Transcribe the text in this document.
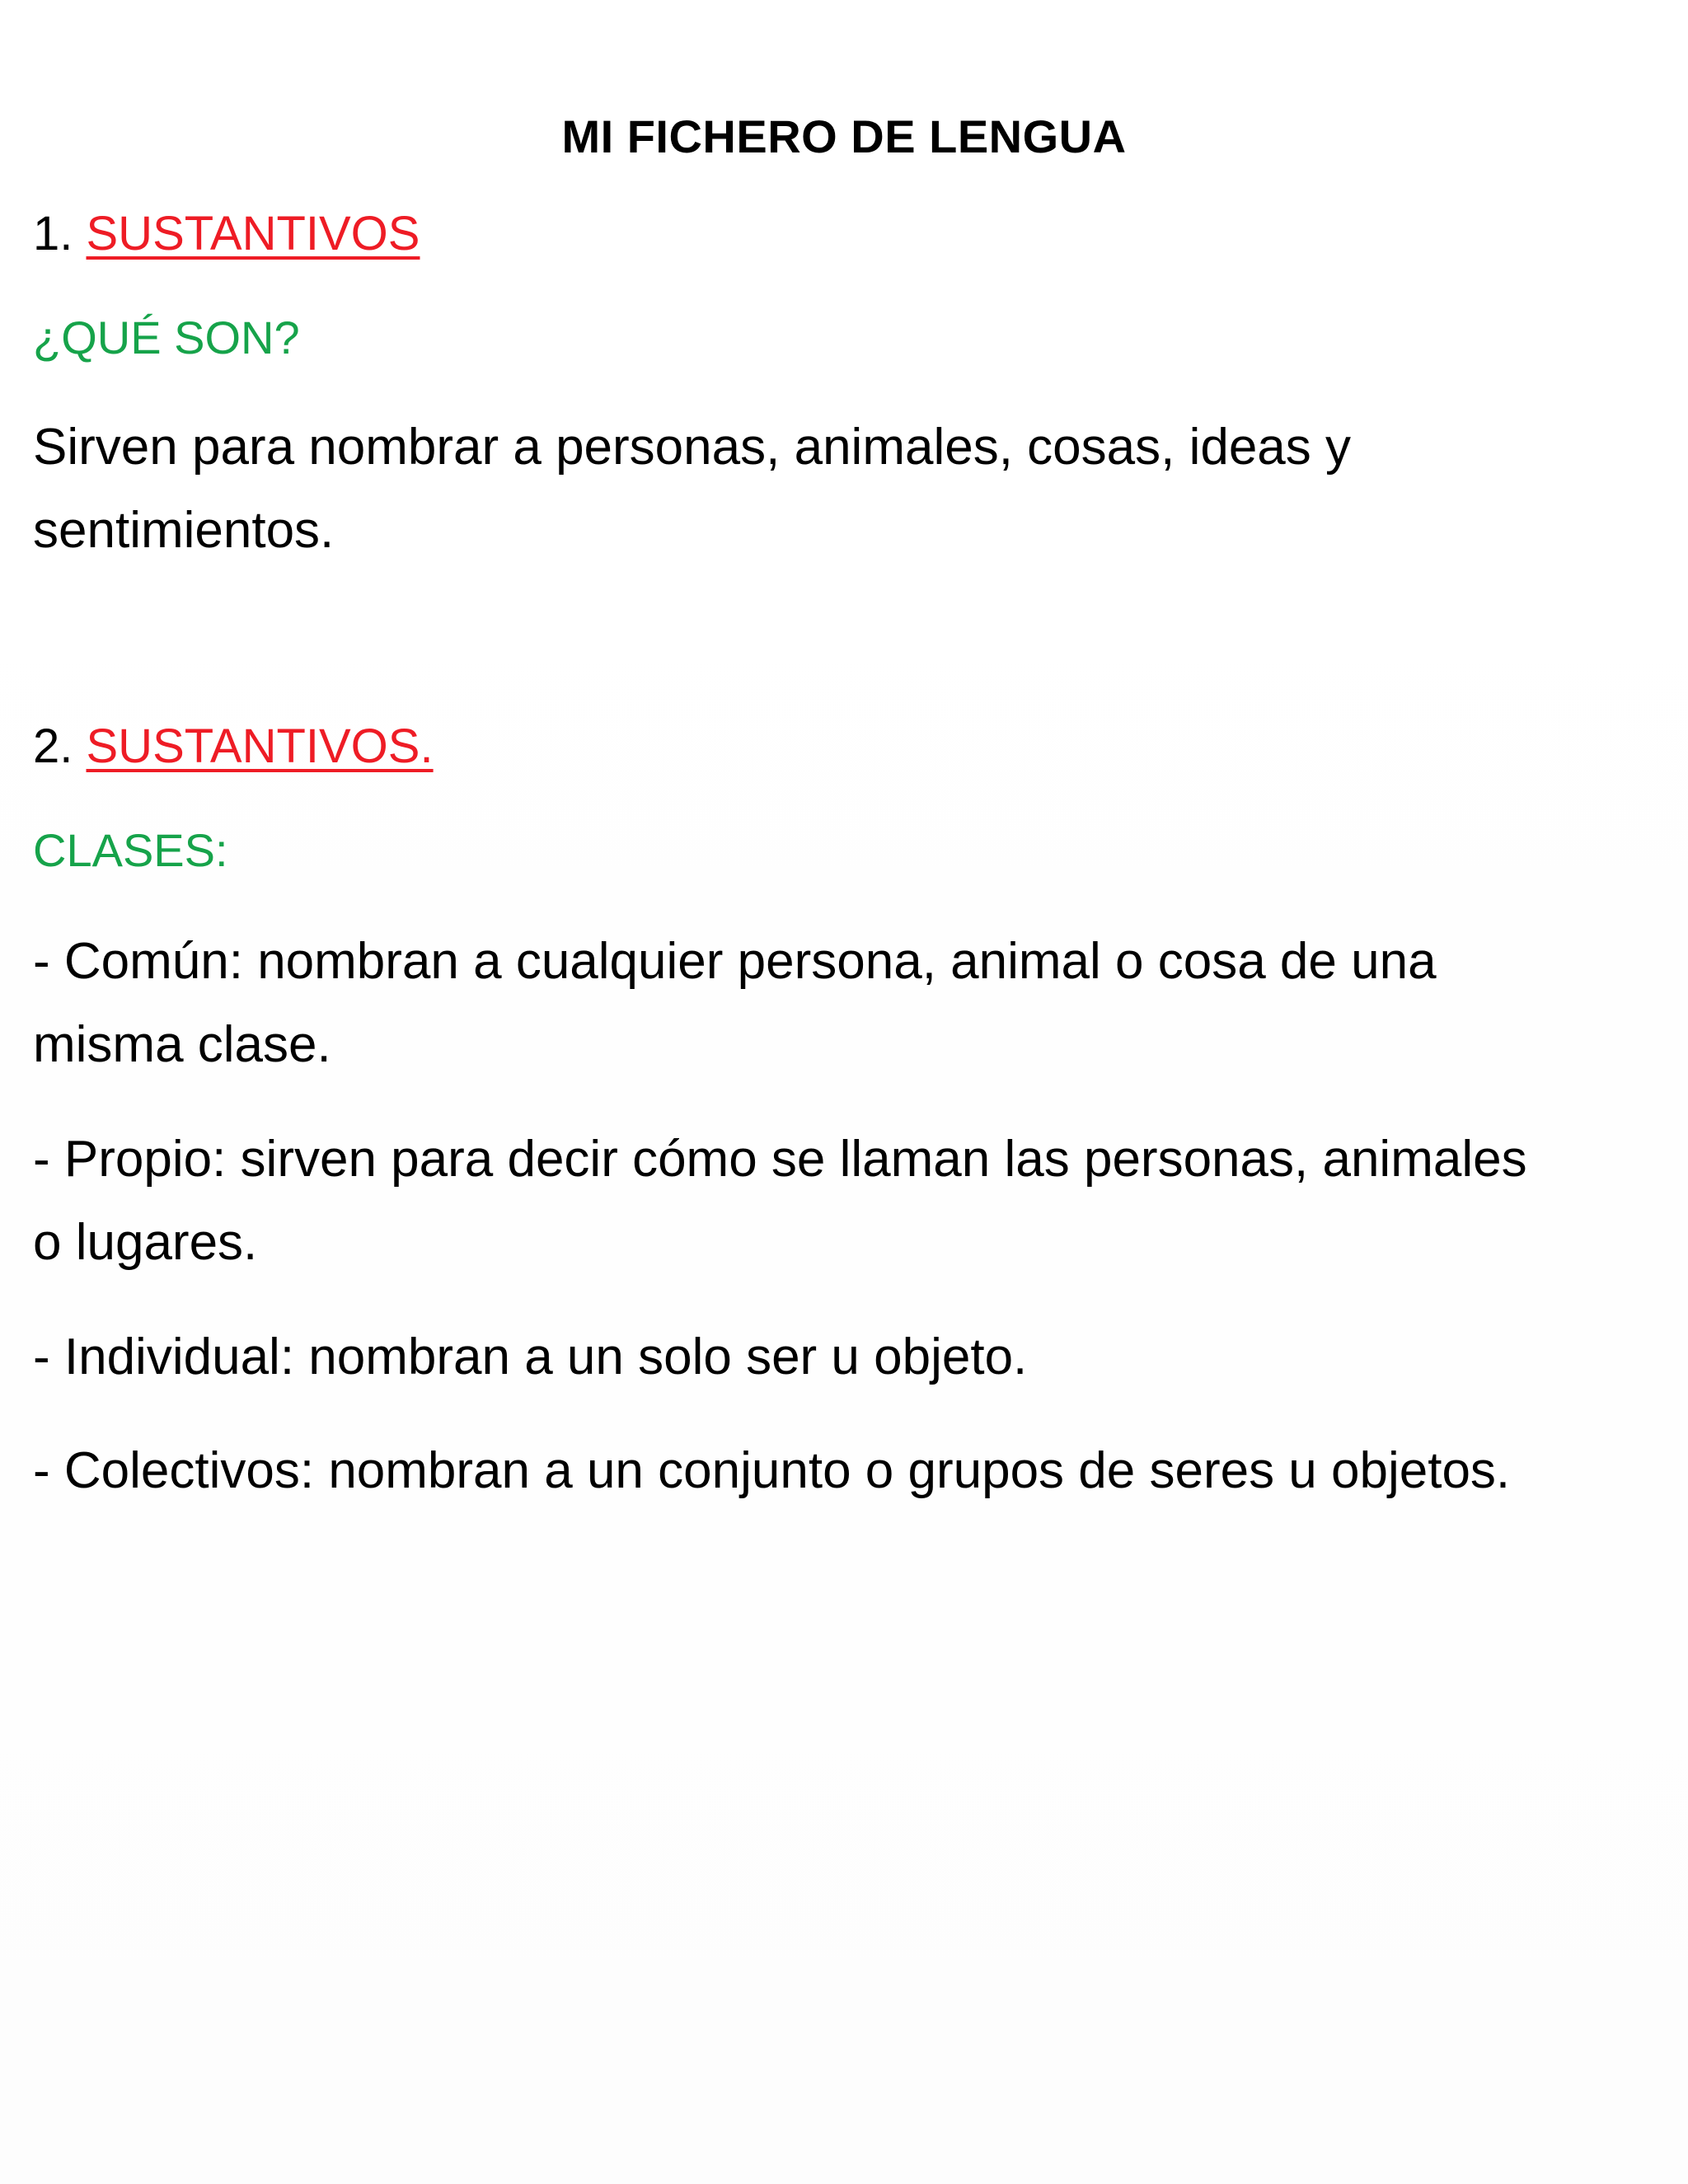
MI FICHERO DE LENGUA
1. SUSTANTIVOS
¿QUÉ SON?

Sirven para nombrar a personas, animales, cosas, ideas y sentimientos.

2. SUSTANTIVOS.
CLASES:

- Común: nombran a cualquier persona, animal o cosa de una misma clase.

- Propio: sirven para decir cómo se llaman las personas, animales o lugares.

- Individual: nombran a un solo ser u objeto.

- Colectivos: nombran a un conjunto o grupos de seres u objetos.
